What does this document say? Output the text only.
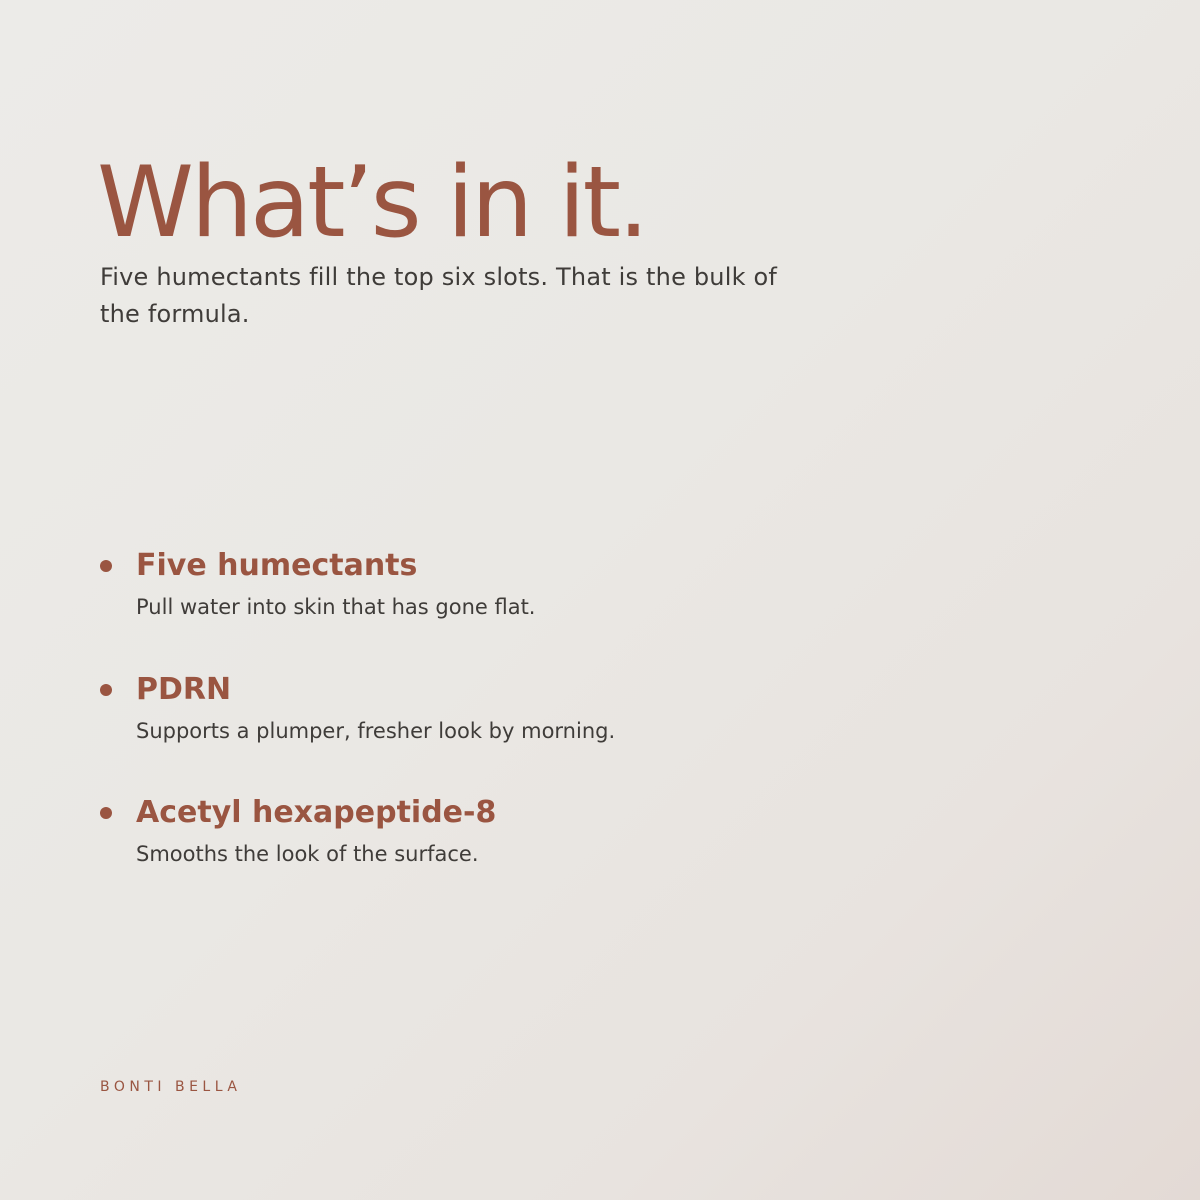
What’s in it.

Five humectants fill the top six slots. That is the bulk of the formula.

Five humectants
Pull water into skin that has gone flat.
PDRN
Supports a plumper, fresher look by morning.
Acetyl hexapeptide-8
Smooths the look of the surface.
BONTI BELLA
